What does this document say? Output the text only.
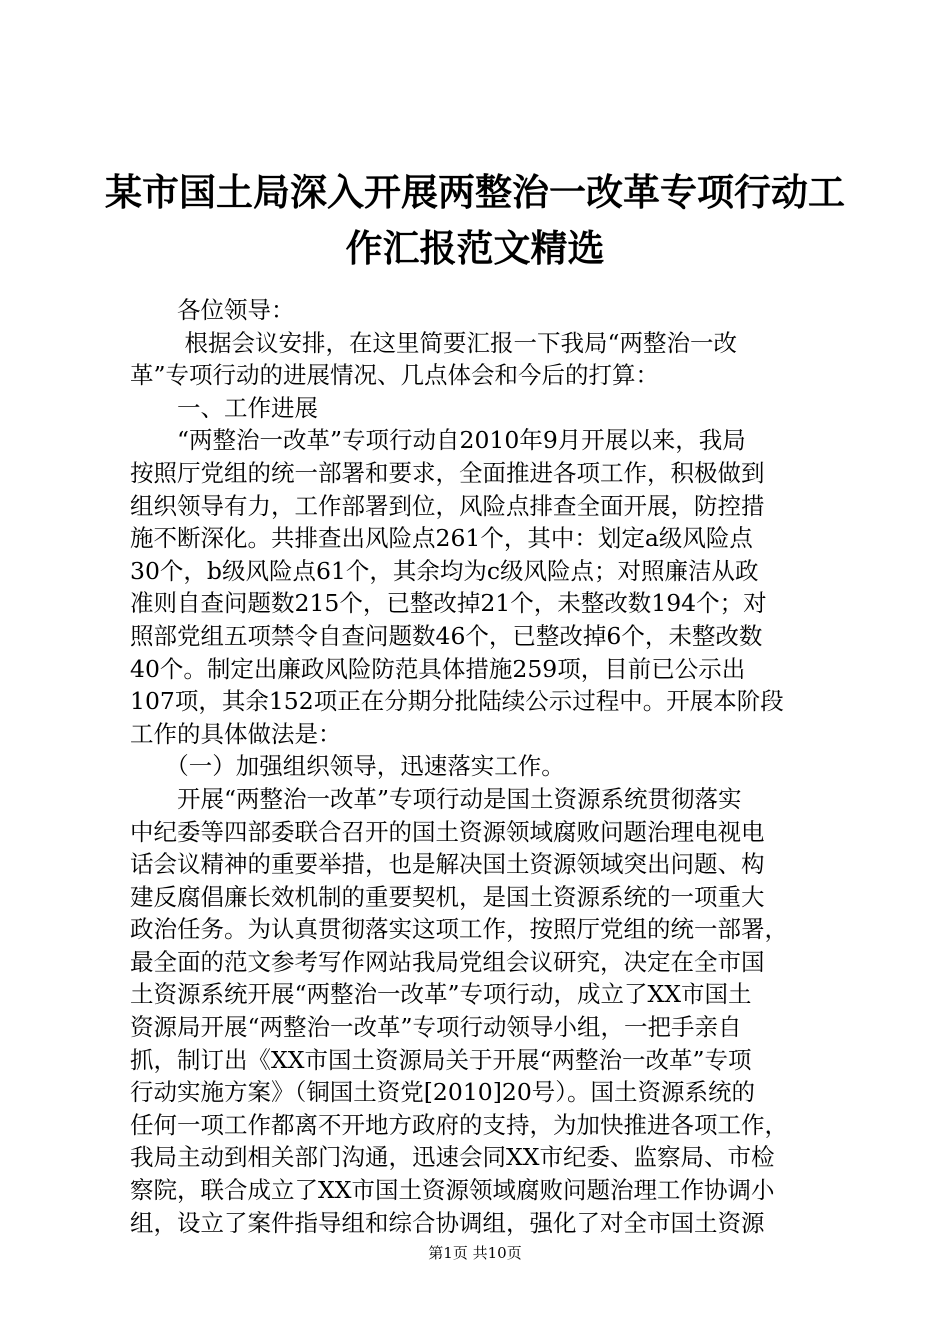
某市国土局深入开展两整治一改革专项行动工
作汇报范文精选
　　各位领导：
　　 根据会议安排，在这里简要汇报一下我局“两整治一改
革”专项行动的进展情况、几点体会和今后的打算：
　　一、工作进展
　　“两整治一改革”专项行动自2010年9月开展以来，我局
按照厅党组的统一部署和要求，全面推进各项工作，积极做到
组织领导有力，工作部署到位，风险点排查全面开展，防控措
施不断深化。共排查出风险点261个，其中：划定a级风险点
30个，b级风险点61个，其余均为c级风险点；对照廉洁从政
准则自查问题数215个，已整改掉21个，未整改数194个；对
照部党组五项禁令自查问题数46个，已整改掉6个，未整改数
40个。制定出廉政风险防范具体措施259项，目前已公示出
107项，其余152项正在分期分批陆续公示过程中。开展本阶段
工作的具体做法是：
　　（一）加强组织领导，迅速落实工作。
　　开展“两整治一改革”专项行动是国土资源系统贯彻落实
中纪委等四部委联合召开的国土资源领域腐败问题治理电视电
话会议精神的重要举措，也是解决国土资源领域突出问题、构
建反腐倡廉长效机制的重要契机，是国土资源系统的一项重大
政治任务。为认真贯彻落实这项工作，按照厅党组的统一部署，
最全面的范文参考写作网站我局党组会议研究，决定在全市国
土资源系统开展“两整治一改革”专项行动，成立了XX市国土
资源局开展“两整治一改革”专项行动领导小组，一把手亲自
抓，制订出《XX市国土资源局关于开展“两整治一改革”专项
行动实施方案》（铜国土资党[2010]20号）。国土资源系统的
任何一项工作都离不开地方政府的支持，为加快推进各项工作，
我局主动到相关部门沟通，迅速会同XX市纪委、监察局、市检
察院，联合成立了XX市国土资源领域腐败问题治理工作协调小
组，设立了案件指导组和综合协调组，强化了对全市国土资源
第1页 共10页
